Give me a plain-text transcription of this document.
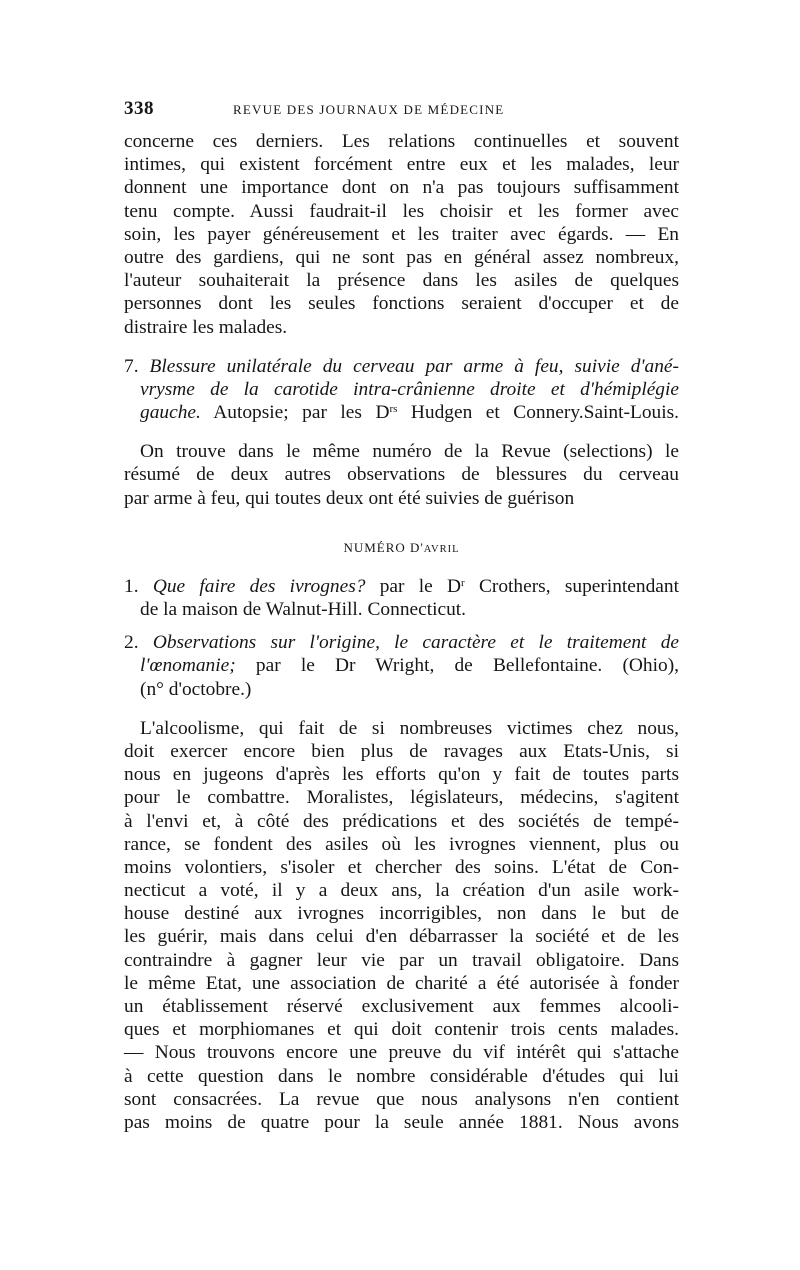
338	REVUE DES JOURNAUX DE MÉDECINE
concerne ces derniers. Les relations continuelles et souvent
intimes, qui existent forcément entre eux et les malades, leur
donnent une importance dont on n'a pas toujours suffisamment
tenu compte. Aussi faudrait-il les choisir et les former avec
soin, les payer généreusement et les traiter avec égards. — En
outre des gardiens, qui ne sont pas en général assez nombreux,
l'auteur souhaiterait la présence dans les asiles de quelques
personnes dont les seules fonctions seraient d'occuper et de
distraire les malades.
7. Blessure unilatérale du cerveau par arme à feu, suivie d'ané-
vrysme de la carotide intra-crânienne droite et d'hémiplégie
gauche. Autopsie; par les $D^{rs}$ Hudgen et Connery.Saint-Louis.
On trouve dans le même numéro de la Revue (selections) le
résumé de deux autres observations de blessures du cerveau
par arme à feu, qui toutes deux ont été suivies de guérison
NUMÉRO D'AVRIL
1. Que faire des ivrognes? par le $D^r$ Crothers, superintendant
de la maison de Walnut-Hill. Connecticut.
2. Observations sur l'origine, le caractère et le traitement de
l'œnomanie; par le Dr Wright, de Bellefontaine. (Ohio),
(n° d'octobre.)
L'alcoolisme, qui fait de si nombreuses victimes chez nous,
doit exercer encore bien plus de ravages aux Etats-Unis, si
nous en jugeons d'après les efforts qu'on y fait de toutes parts
pour le combattre. Moralistes, législateurs, médecins, s'agitent
à l'envi et, à côté des prédications et des sociétés de tempé-
rance, se fondent des asiles où les ivrognes viennent, plus ou
moins volontiers, s'isoler et chercher des soins. L'état de Con-
necticut a voté, il y a deux ans, la création d'un asile work-
house destiné aux ivrognes incorrigibles, non dans le but de
les guérir, mais dans celui d'en débarrasser la société et de les
contraindre à gagner leur vie par un travail obligatoire. Dans
le même Etat, une association de charité a été autorisée à fonder
un établissement réservé exclusivement aux femmes alcooli-
ques et morphiomanes et qui doit contenir trois cents malades.
— Nous trouvons encore une preuve du vif intérêt qui s'attache
à cette question dans le nombre considérable d'études qui lui
sont consacrées. La revue que nous analysons n'en contient
pas moins de quatre pour la seule année 1881. Nous avons
